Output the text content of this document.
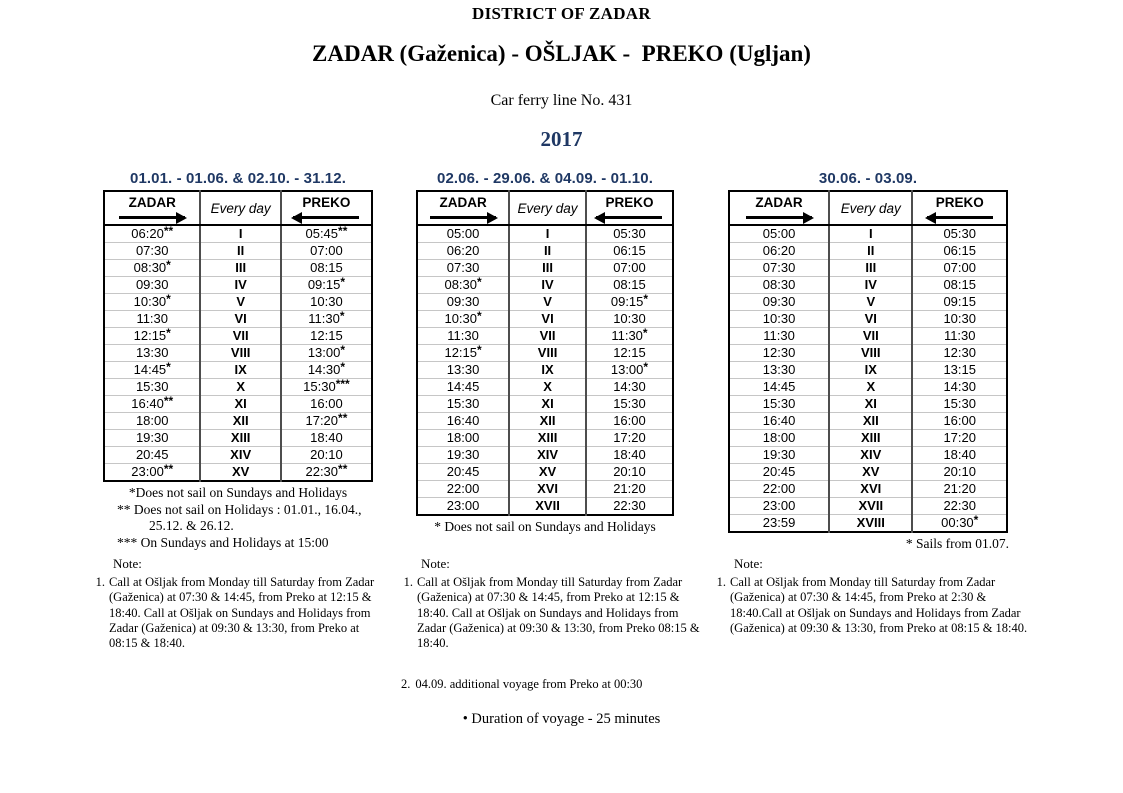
DISTRICT OF ZADAR
ZADAR (Gaženica) - OŠLJAK -  PREKO (Ugljan)
Car ferry line No. 431
2017
01.01. - 01.06. & 02.10. - 31.12.
ZADAR	Every day	PREKO

06:20**	I	05:45**
07:30	II	07:00
08:30*	III	08:15
09:30	IV	09:15*
10:30*	V	10:30
11:30	VI	11:30*
12:15*	VII	12:15
13:30	VIII	13:00*
14:45*	IX	14:30*
15:30	X	15:30***
16:40**	XI	16:00
18:00	XII	17:20**
19:30	XIII	18:40
20:45	XIV	20:10
23:00**	XV	22:30**
*Does not sail on Sundays and Holidays
** Does not sail on Holidays : 01.01., 16.04., 25.12. & 26.12.
*** On Sundays and Holidays at 15:00
02.06. - 29.06. & 04.09. - 01.10.
ZADAR	Every day	PREKO

05:00	I	05:30
06:20	II	06:15
07:30	III	07:00
08:30*	IV	08:15
09:30	V	09:15*
10:30*	VI	10:30
11:30	VII	11:30*
12:15*	VIII	12:15
13:30	IX	13:00*
14:45	X	14:30
15:30	XI	15:30
16:40	XII	16:00
18:00	XIII	17:20
19:30	XIV	18:40
20:45	XV	20:10
22:00	XVI	21:20
23:00	XVII	22:30
* Does not sail on Sundays and Holidays
30.06. - 03.09.
ZADAR	Every day	PREKO

05:00	I	05:30
06:20	II	06:15
07:30	III	07:00
08:30	IV	08:15
09:30	V	09:15
10:30	VI	10:30
11:30	VII	11:30
12:30	VIII	12:30
13:30	IX	13:15
14:45	X	14:30
15:30	XI	15:30
16:40	XII	16:00
18:00	XIII	17:20
19:30	XIV	18:40
20:45	XV	20:10
22:00	XVI	21:20
23:00	XVII	22:30
23:59	XVIII	00:30*
* Sails from 01.07.
Note:
1. Call at Ošljak from Monday till Saturday from Zadar (Gaženica) at 07:30 & 14:45, from Preko at 12:15 & 18:40. Call at Ošljak on Sundays and Holidays from Zadar (Gaženica) at 09:30 & 13:30, from Preko at 08:15 & 18:40.
Note:
1. Call at Ošljak from Monday till Saturday from Zadar (Gaženica) at 07:30 & 14:45, from Preko at 12:15 & 18:40. Call at Ošljak on Sundays and Holidays from Zadar (Gaženica) at 09:30 & 13:30, from Preko 08:15 & 18:40.
Note:
1. Call at Ošljak from Monday till Saturday from Zadar (Gaženica) at 07:30 & 14:45, from Preko at 2:30 & 18:40.Call at Ošljak on Sundays and Holidays from Zadar (Gaženica) at 09:30 & 13:30, from Preko at 08:15 & 18:40.
2. 04.09. additional voyage from Preko at 00:30
• Duration of voyage - 25 minutes
